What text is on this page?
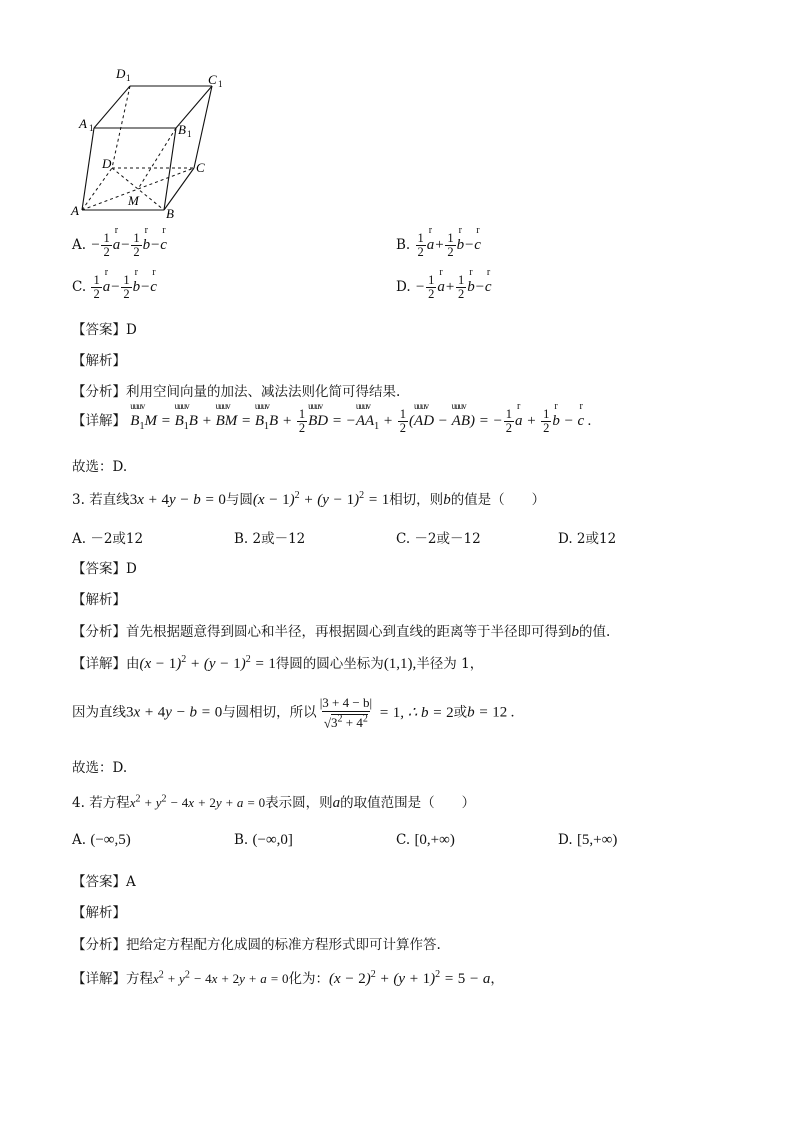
D 1	C 1
A 1	B 1
D	C
M
A	B
A. − $\frac{1}{2}$ r $a- \frac{1}{2}$ r b−r c	B. $\frac{1}{2}$ r $a+ \frac{1}{2}$ r b−r c
C. $\frac{1}{2}$ r $a- \frac{1}{2}$ r b−r c	D. − $\frac{1}{2}$ r $a+ \frac{1}{2}$ r b−r c
【答案】D
【解析】
【分析】利用空间向量的加法、减法法则化简可得结果.
【详解】 uuuv $B_1M$ = uuuv $B_1B$ + uuuv BM = uuuv $B_1B + \frac{1}{2}$ uuuv BD = −uuuv $AA_1 + \frac{1}{2}$ (uuuv AD − uuuv AB) = − $\frac{1}{2}$ r $a + \frac{1}{2}$ r b − r c .
故选：D.
3. 若直线3x + 4y − b = 0与圆$(x - 1)^2 + (y - 1)^2 = 1$相切，则b的值是（　　）
A. －2或12	B. 2或－12	C. －2或－12	D. 2或12
【答案】D
【解析】
【分析】首先根据题意得到圆心和半径，再根据圆心到直线的距离等于半径即可得到b的值.
【详解】由$(x - 1)^2 + (y - 1)^2 = 1$得圆的圆心坐标为(1,1),半径为 1，
因为直线3x + 4y − b = 0与圆相切，所以 $\frac{|3 + 4 - b|}{√3^2 + 4^2} = 1$, ∴ b = 2或b = 12 .
故选：D.
4. 若方程$x^2 + y^2 - 4x + 2y + a = 0$表示圆，则a的取值范围是（　　）
A. (−∞,5)	B. (−∞,0]	C. [0,+∞)	D. [5,+∞)
【答案】A
【解析】
【分析】把给定方程配方化成圆的标准方程形式即可计算作答.
【详解】方程$x^2 + y^2 - 4x + 2y + a = 0$化为：$(x - 2)^2 + (y + 1)^2 = 5 - a$，
